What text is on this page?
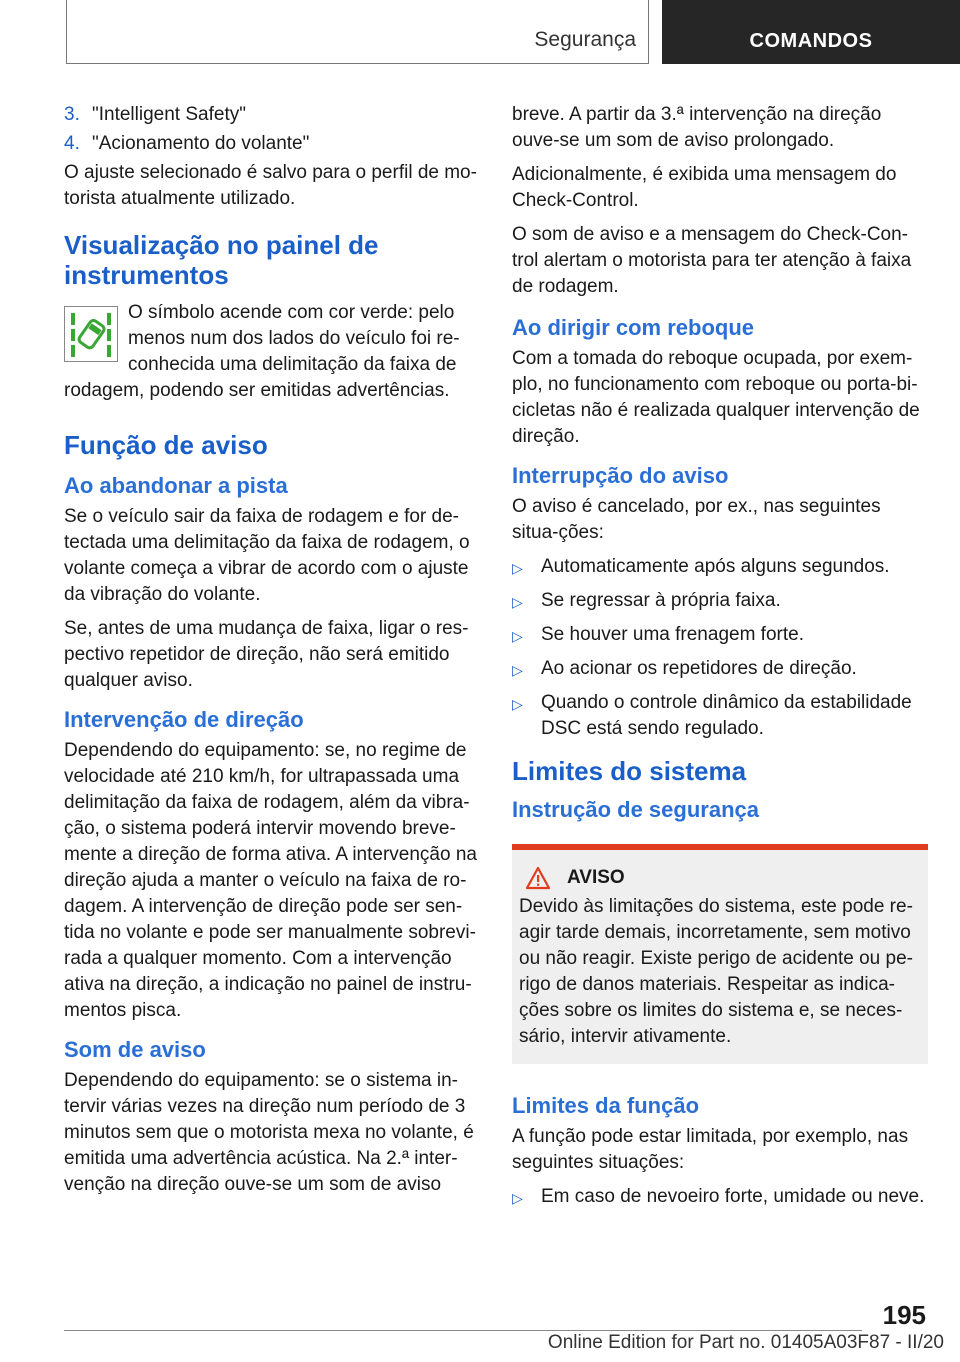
Segurança	COMANDOS
3. "Intelligent Safety"
4. "Acionamento do volante"

O ajuste selecionado é salvo para o perfil de mo-torista atualmente utilizado.

Visualização no painel de instrumentos
O símbolo acende com cor verde: pelo menos num dos lados do veículo foi re-conhecida uma delimitação da faixa de rodagem, podendo ser emitidas advertências.
Função de aviso
Ao abandonar a pista

Se o veículo sair da faixa de rodagem e for de-tectada uma delimitação da faixa de rodagem, o volante começa a vibrar de acordo com o ajuste da vibração do volante.

Se, antes de uma mudança de faixa, ligar o res-pectivo repetidor de direção, não será emitido qualquer aviso.

Intervenção de direção

Dependendo do equipamento: se, no regime de velocidade até 210 km/h, for ultrapassada uma delimitação da faixa de rodagem, além da vibra-ção, o sistema poderá intervir movendo breve-mente a direção de forma ativa. A intervenção na direção ajuda a manter o veículo na faixa de ro-dagem. A intervenção de direção pode ser sen-tida no volante e pode ser manualmente sobrevi-rada a qualquer momento. Com a intervenção ativa na direção, a indicação no painel de instru-mentos pisca.

Som de aviso

Dependendo do equipamento: se o sistema in-tervir várias vezes na direção num período de 3 minutos sem que o motorista mexa no volante, é emitida uma advertência acústica. Na 2.ª inter-venção na direção ouve-se um som de aviso

breve. A partir da 3.ª intervenção na direção ouve-se um som de aviso prolongado.

Adicionalmente, é exibida uma mensagem do Check-Control.

O som de aviso e a mensagem do Check-Con-trol alertam o motorista para ter atenção à faixa de rodagem.

Ao dirigir com reboque

Com a tomada do reboque ocupada, por exem-plo, no funcionamento com reboque ou porta-bi-cicletas não é realizada qualquer intervenção de direção.

Interrupção do aviso

O aviso é cancelado, por ex., nas seguintes situa-ções:

▷ Automaticamente após alguns segundos.
▷ Se regressar à própria faixa.
▷ Se houver uma frenagem forte.
▷ Ao acionar os repetidores de direção.
▷ Quando o controle dinâmico da estabilidade DSC está sendo regulado.
Limites do sistema
Instrução de segurança
AVISO

Devido às limitações do sistema, este pode re-agir tarde demais, incorretamente, sem motivo ou não reagir. Existe perigo de acidente ou pe-rigo de danos materiais. Respeitar as indica-ções sobre os limites do sistema e, se neces-sário, intervir ativamente.

Limites da função

A função pode estar limitada, por exemplo, nas seguintes situações:

▷ Em caso de nevoeiro forte, umidade ou neve.
195
Online Edition for Part no. 01405A03F87 - II/20
